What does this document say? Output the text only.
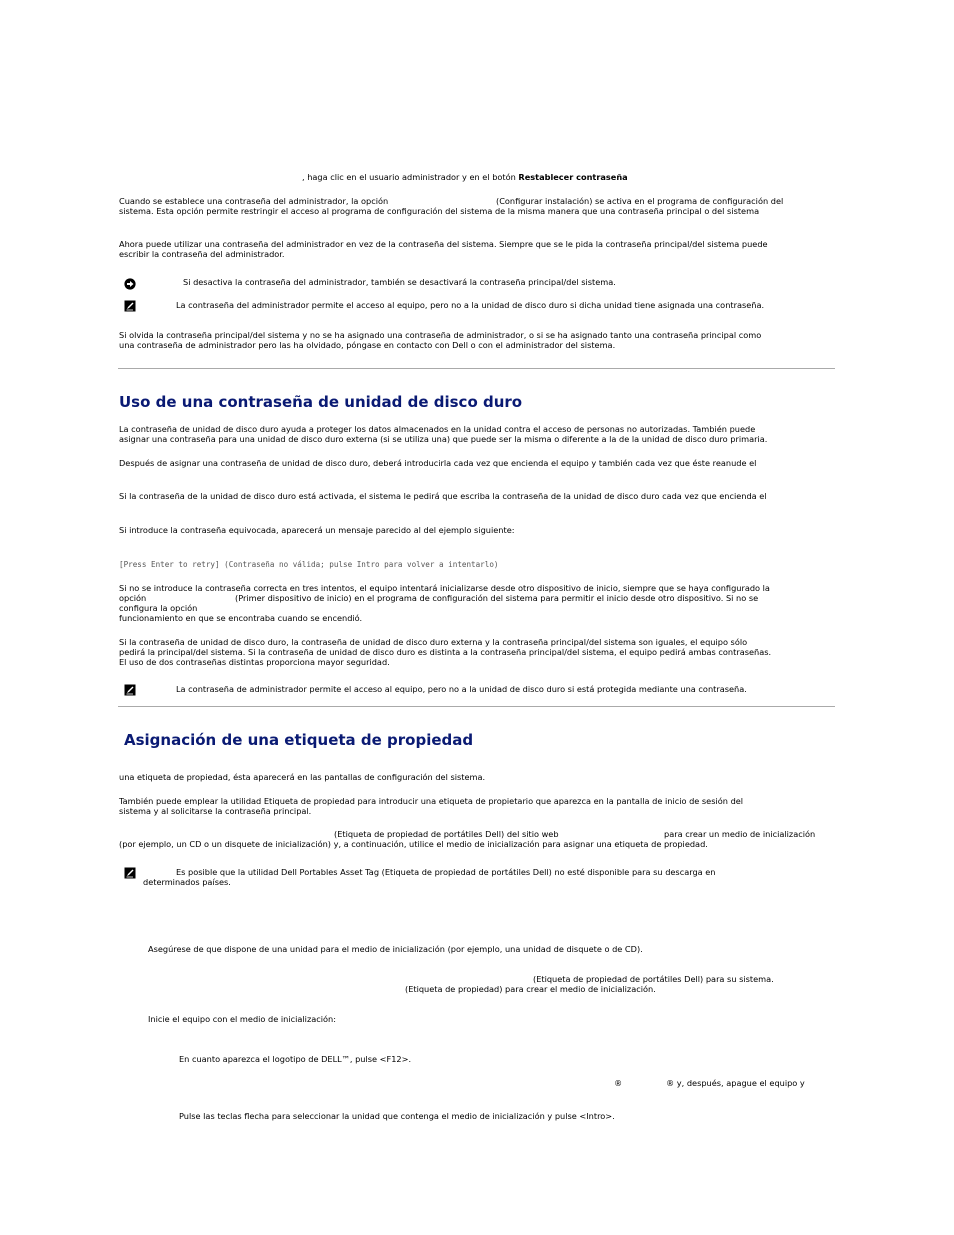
, haga clic en el usuario administrador y en el botón Restablecer contraseña

Cuando se establece una contraseña del administrador, la opción	(Configurar instalación) se activa en el programa de configuración del

sistema. Esta opción permite restringir el acceso al programa de configuración del sistema de la misma manera que una contraseña principal o del sistema

Ahora puede utilizar una contraseña del administrador en vez de la contraseña del sistema. Siempre que se le pida la contraseña principal/del sistema puede

escribir la contraseña del administrador.

Si desactiva la contraseña del administrador, también se desactivará la contraseña principal/del sistema.

La contraseña del administrador permite el acceso al equipo, pero no a la unidad de disco duro si dicha unidad tiene asignada una contraseña.

Si olvida la contraseña principal/del sistema y no se ha asignado una contraseña de administrador, o si se ha asignado tanto una contraseña principal como

una contraseña de administrador pero las ha olvidado, póngase en contacto con Dell o con el administrador del sistema.

Uso de una contraseña de unidad de disco duro

La contraseña de unidad de disco duro ayuda a proteger los datos almacenados en la unidad contra el acceso de personas no autorizadas. También puede

asignar una contraseña para una unidad de disco duro externa (si se utiliza una) que puede ser la misma o diferente a la de la unidad de disco duro primaria.

Después de asignar una contraseña de unidad de disco duro, deberá introducirla cada vez que encienda el equipo y también cada vez que éste reanude el

Si la contraseña de la unidad de disco duro está activada, el sistema le pedirá que escriba la contraseña de la unidad de disco duro cada vez que encienda el

Si introduce la contraseña equivocada, aparecerá un mensaje parecido al del ejemplo siguiente:

[Press Enter to retry] (Contraseña no válida; pulse Intro para volver a intentarlo)

Si no se introduce la contraseña correcta en tres intentos, el equipo intentará inicializarse desde otro dispositivo de inicio, siempre que se haya configurado la

opción	(Primer dispositivo de inicio) en el programa de configuración del sistema para permitir el inicio desde otro dispositivo. Si no se

configura la opción

funcionamiento en que se encontraba cuando se encendió.

Si la contraseña de unidad de disco duro, la contraseña de unidad de disco duro externa y la contraseña principal/del sistema son iguales, el equipo sólo

pedirá la principal/del sistema. Si la contraseña de unidad de disco duro es distinta a la contraseña principal/del sistema, el equipo pedirá ambas contraseñas.

El uso de dos contraseñas distintas proporciona mayor seguridad.

La contraseña de administrador permite el acceso al equipo, pero no a la unidad de disco duro si está protegida mediante una contraseña.

Asignación de una etiqueta de propiedad

una etiqueta de propiedad, ésta aparecerá en las pantallas de configuración del sistema.

También puede emplear la utilidad Etiqueta de propiedad para introducir una etiqueta de propietario que aparezca en la pantalla de inicio de sesión del

sistema y al solicitarse la contraseña principal.

(Etiqueta de propiedad de portátiles Dell) del sitio web	para crear un medio de inicialización

(por ejemplo, un CD o un disquete de inicialización) y, a continuación, utilice el medio de inicialización para asignar una etiqueta de propiedad.

Es posible que la utilidad Dell Portables Asset Tag (Etiqueta de propiedad de portátiles Dell) no esté disponible para su descarga en

determinados países.

Asegúrese de que dispone de una unidad para el medio de inicialización (por ejemplo, una unidad de disquete o de CD).

(Etiqueta de propiedad de portátiles Dell) para su sistema.

(Etiqueta de propiedad) para crear el medio de inicialización.

Inicie el equipo con el medio de inicialización:

En cuanto aparezca el logotipo de DELL™, pulse <F12>.

®	® y, después, apague el equipo y

Pulse las teclas flecha para seleccionar la unidad que contenga el medio de inicialización y pulse <Intro>.
